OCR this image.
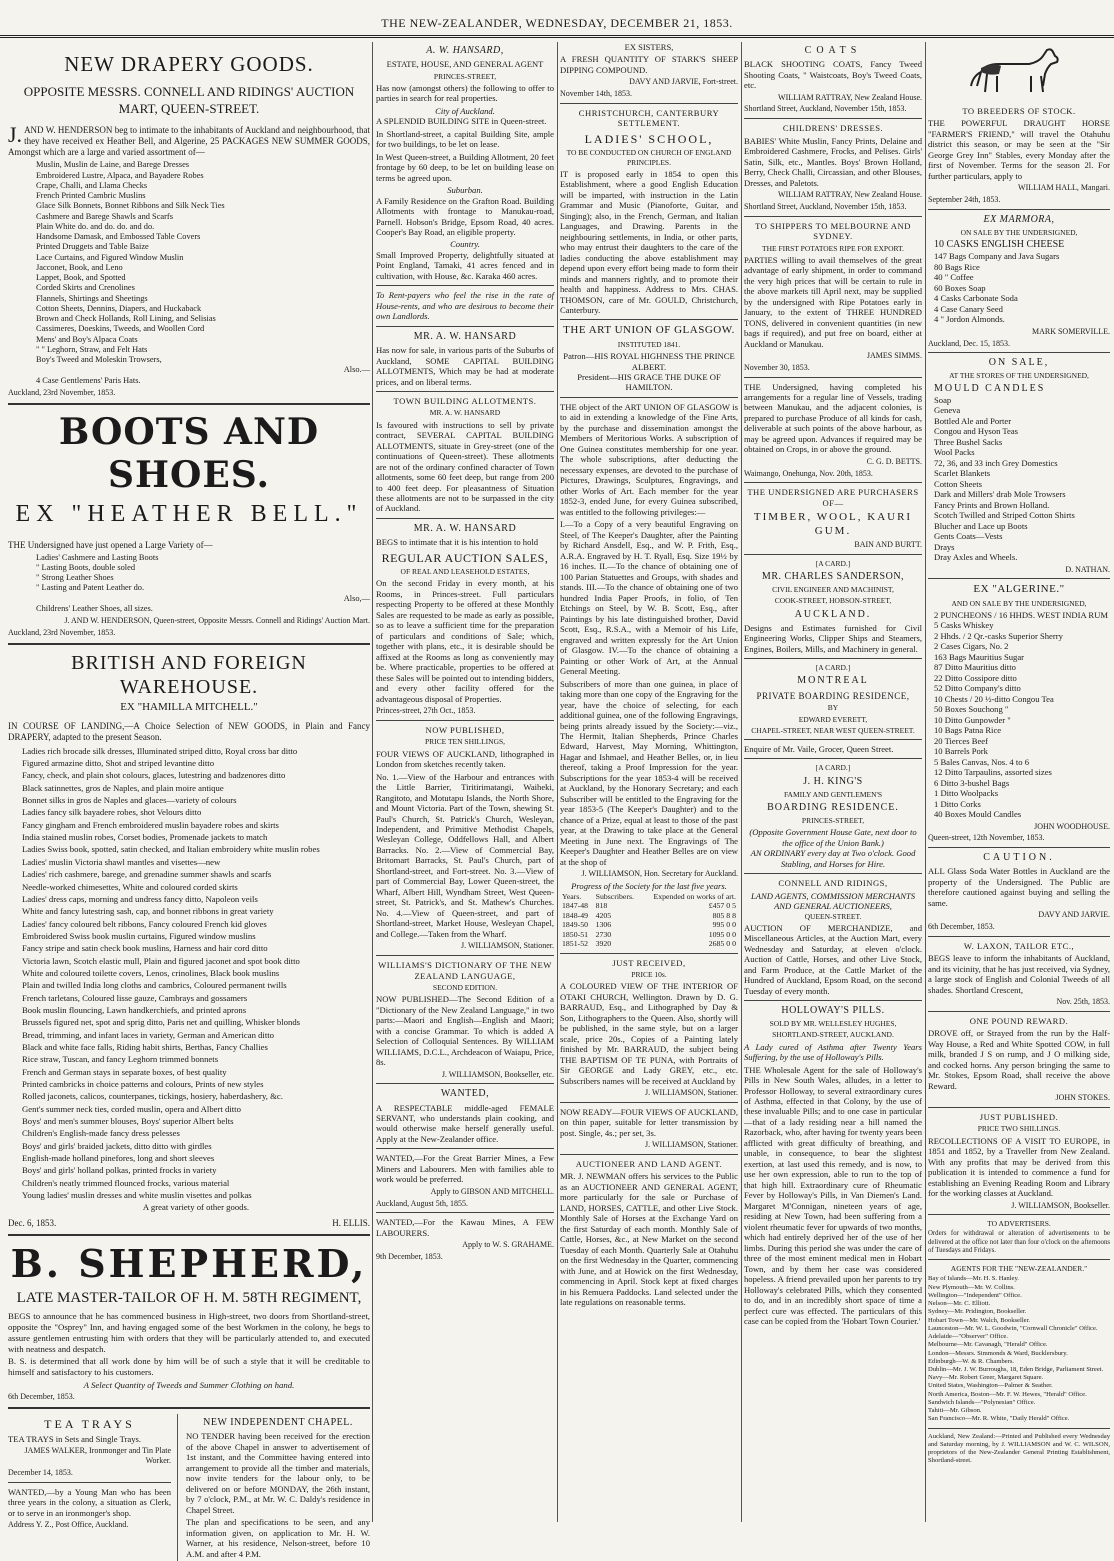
THE NEW-ZEALANDER, WEDNESDAY, DECEMBER 21, 1853.
NEW DRAPERY GOODS.
OPPOSITE MESSRS. CONNELL AND RIDINGS' AUCTION MART, QUEEN-STREET.

J. AND W. HENDERSON beg to intimate to the inhabitants of Auckland and neighbourhood, that they have received ex Heather Bell, and Algerine, 25 PACKAGES NEW SUMMER GOODS, Amongst which are a large and varied assortment of—

Muslin, Muslin de Laine, and Barege Dresses
Embroidered Lustre, Alpaca, and Bayadere Robes
Crape, Challi, and Llama Checks
French Printed Cambric Muslins
Glace Silk Bonnets, Bonnet Ribbons and Silk Neck Ties
Cashmere and Barege Shawls and Scarfs
Plain White do. and do. do. and do.
Handsome Damask, and Embossed Table Covers
Printed Druggets and Table Baize
Lace Curtains, and Figured Window Muslin
Jacconet, Book, and Leno
Lappet, Book, and Spotted
Corded Skirts and Crenolines
Flannels, Shirtings and Sheetings
Cotton Sheets, Dennins, Diapers, and Huckaback
Brown and Check Hollands, Roll Lining, and Selisias
Cassimeres, Doeskins, Tweeds, and Woollen Cord
Mens' and Boy's Alpaca Coats
" " Leghorn, Straw, and Felt Hats
Boy's Tweed and Moleskin Trowsers,
Also.—
4 Case Gentlemens' Paris Hats.
Auckland, 23rd November, 1853.
BOOTS AND SHOES.
EX "HEATHER BELL."

THE Undersigned have just opened a Large Variety of—

Ladies' Cashmere and Lasting Boots
" Lasting Boots, double soled
" Strong Leather Shoes
" Lasting and Patent Leather do.
Also,—
Childrens' Leather Shoes, all sizes.
J. AND W. HENDERSON, Queen-street, Opposite Messrs. Connell and Ridings' Auction Mart.
Auckland, 23rd November, 1853.
BRITISH AND FOREIGN WAREHOUSE.
EX "HAMILLA MITCHELL."

IN COURSE OF LANDING,—A Choice Selection of NEW GOODS, in Plain and Fancy DRAPERY, adapted to the present Season.

Ladies rich brocade silk dresses, Illuminated striped ditto, Royal cross bar ditto
Figured armazine ditto, Shot and striped levantine ditto
Fancy, check, and plain shot colours, glaces, lutestring and badzenores ditto
Black satinnettes, gros de Naples, and plain moire antique
Bonnet silks in gros de Naples and glaces—variety of colours
Ladies fancy silk bayadere robes, shot Velours ditto
Fancy gingham and French embroidered muslin bayadere robes and skirts
India stained muslin robes, Corset bodies, Promenade jackets to match
Ladies Swiss book, spotted, satin checked, and Italian embroidery white muslin robes
Ladies' muslin Victoria shawl mantles and visettes—new
Ladies' rich cashmere, barege, and grenadine summer shawls and scarfs
Needle-worked chimesettes, White and coloured corded skirts
Ladies' dress caps, morning and undress fancy ditto, Napoleon veils
White and fancy lutestring sash, cap, and bonnet ribbons in great variety
Ladies' fancy coloured belt ribbons, Fancy coloured French kid gloves
Embroidered Swiss book muslin curtains, Figured window muslins
Fancy stripe and satin check book muslins, Harness and hair cord ditto
Victoria lawn, Scotch elastic mull, Plain and figured jaconet and spot book ditto
White and coloured toilette covers, Lenos, crinolines, Black book muslins
Plain and twilled India long cloths and cambrics, Coloured permanent twills
French tarletans, Coloured lisse gauze, Cambrays and gossamers
Book muslin flouncing, Lawn handkerchiefs, and printed aprons
Brussels figured net, spot and sprig ditto, Paris net and quilling, Whisker blonds
Bread, trimming, and infant laces in variety, German and American ditto
Black and white face falls, Riding habit shirts, Berthas, Fancy Challies
Rice straw, Tuscan, and fancy Leghorn trimmed bonnets
French and German stays in separate boxes, of best quality
Printed cambricks in choice patterns and colours, Prints of new styles
Rolled jaconets, calicos, counterpanes, tickings, hosiery, haberdashery, &c.
Gent's summer neck ties, corded muslin, opera and Albert ditto
Boys' and men's summer blouses, Boys' superior Albert belts
Children's English-made fancy dress pelesses
Boys' and girls' braided jackets, ditto ditto with girdles
English-made holland pinefores, long and short sleeves
Boys' and girls' holland polkas, printed frocks in variety
Children's neatly trimmed flounced frocks, various material
Young ladies' muslin dresses and white muslin visettes and polkas
A great variety of other goods.
Dec. 6, 1853.	H. ELLIS.
B. SHEPHERD,
LATE MASTER-TAILOR OF H. M. 58TH REGIMENT,

BEGS to announce that he has commenced business in High-street, two doors from Shortland-street, opposite the "Osprey" Inn, and having engaged some of the best Workmen in the colony, he begs to assure gentlemen entrusting him with orders that they will be particularly attended to, and executed with neatness and despatch.

B. S. is determined that all work done by him will be of such a style that it will be creditable to himself and satisfactory to his customers.

A Select Quantity of Tweeds and Summer Clothing on hand.

6th December, 1853.
TEA TRAYS

TEA TRAYS in Sets and Single Trays.

JAMES WALKER, Ironmonger and Tin Plate Worker.
December 14, 1853.

WANTED,—by a Young Man who has been three years in the colony, a situation as Clerk, or to serve in an ironmonger's shop.

Address Y. Z., Post Office, Auckland.
NEW INDEPENDENT CHAPEL.

NO TENDER having been received for the erection of the above Chapel in answer to advertisement of 1st instant, and the Committee having entered into arrangement to provide all the timber and materials, now invite tenders for the labour only, to be delivered on or before MONDAY, the 26th instant, by 7 o'clock, P.M., at Mr. W. C. Daldy's residence in Chapel Street.

The plan and specifications to be seen, and any information given, on application to Mr. H. W. Warner, at his residence, Nelson-street, before 10 A.M. and after 4 P.M.

A. W. HANSARD,
ESTATE, HOUSE, AND GENERAL AGENT
PRINCES-STREET,

Has now (amongst others) the following to offer to parties in search for real properties.

City of Auckland.

A SPLENDID BUILDING SITE in Queen-street.

In Shortland-street, a capital Building Site, ample for two buildings, to be let on lease.

In West Queen-street, a Building Allotment, 20 feet frontage by 60 deep, to be let on building lease on terms be agreed upon.

Suburban.

A Family Residence on the Grafton Road. Building Allotments with frontage to Manukau-road, Parnell. Hobson's Bridge, Epsom Road, 40 acres. Cooper's Bay Road, an eligible property.

Country.

Small Improved Property, delightfully situated at Point England, Tamaki, 41 acres fenced and in cultivation, with House, &c. Karaka 460 acres.

To Rent-payers who feel the rise in the rate of House-rents, and who are desirous to become their own Landlords.

MR. A. W. HANSARD

Has now for sale, in various parts of the Suburbs of Auckland, SOME CAPITAL BUILDING ALLOTMENTS, Which may be had at moderate prices, and on liberal terms.

TOWN BUILDING ALLOTMENTS.
MR. A. W. HANSARD

Is favoured with instructions to sell by private contract, SEVERAL CAPITAL BUILDING ALLOTMENTS, situate in Grey-street (one of the continuations of Queen-street). These allotments are not of the ordinary confined character of Town allotments, some 60 feet deep, but range from 200 to 400 feet deep. For pleasantness of Situation these allotments are not to be surpassed in the city of Auckland.

MR. A. W. HANSARD

BEGS to intimate that it is his intention to hold

REGULAR AUCTION SALES,
OF REAL AND LEASEHOLD ESTATES,

On the second Friday in every month, at his Rooms, in Princes-street. Full particulars respecting Property to be offered at these Monthly Sales are requested to be made as early as possible, so as to leave a sufficient time for the preparation of particulars and conditions of Sale; which, together with plans, etc., it is desirable should be affixed at the Rooms as long as conveniently may be. Where practicable, properties to be offered at these Sales will be pointed out to intending bidders, and every other facility offered for the advantageous disposal of Properties.

Princes-street, 27th Oct., 1853.
NOW PUBLISHED,
PRICE TEN SHILLINGS,

FOUR VIEWS OF AUCKLAND, lithographed in London from sketches recently taken.

No. 1.—View of the Harbour and entrances with the Little Barrier, Tiritirimatangi, Waiheki, Rangitoto, and Motutapu Islands, the North Shore, and Mount Victoria. Part of the Town, shewing St. Paul's Church, St. Patrick's Church, Wesleyan, Independent, and Primitive Methodist Chapels, Wesleyan College, Oddfellows Hall, and Albert Barracks. No. 2.—View of Commercial Bay, Britomart Barracks, St. Paul's Church, part of Shortland-street, and Fort-street. No. 3.—View of part of Commercial Bay, Lower Queen-street, the Wharf, Albert Hill, Wyndham Street, West Queen-street, St. Patrick's, and St. Mathew's Churches. No. 4.—View of Queen-street, and part of Shortland-street, Market House, Wesleyan Chapel, and College.—Taken from the Wharf.

J. WILLIAMSON, Stationer.
WILLIAMS'S DICTIONARY OF THE NEW ZEALAND LANGUAGE,
SECOND EDITION.

NOW PUBLISHED—The Second Edition of a "Dictionary of the New Zealand Language," in two parts:—Maori and English—English and Maori; with a concise Grammar. To which is added A Selection of Colloquial Sentences. By WILLIAM WILLIAMS, D.C.L., Archdeacon of Waiapu, Price, 8s.

J. WILLIAMSON, Bookseller, etc.
WANTED,

A RESPECTABLE middle-aged FEMALE SERVANT, who understands plain cooking, and would otherwise make herself generally useful. Apply at the New-Zealander office.

WANTED,—For the Great Barrier Mines, a Few Miners and Labourers. Men with families able to work would be preferred.

Apply to GIBSON AND MITCHELL.
Auckland, August 5th, 1855.

WANTED,—For the Kawau Mines, A FEW LABOURERS.

Apply to W. S. GRAHAME.
9th December, 1853.
EX SISTERS,

A FRESH QUANTITY OF STARK'S SHEEP DIPPING COMPOUND.

DAVY AND JARVIE, Fort-street.
November 14th, 1853.
CHRISTCHURCH, CANTERBURY SETTLEMENT.
LADIES' SCHOOL,
TO BE CONDUCTED ON CHURCH OF ENGLAND PRINCIPLES.

IT is proposed early in 1854 to open this Establishment, where a good English Education will be imparted, with instruction in the Latin Grammar and Music (Pianoforte, Guitar, and Singing); also, in the French, German, and Italian Languages, and Drawing. Parents in the neighbouring settlements, in India, or other parts, who may entrust their daughters to the care of the ladies conducting the above establishment may depend upon every effort being made to form their minds and manners rightly, and to promote their health and happiness. Address to Mrs. CHAS. THOMSON, care of Mr. GOULD, Christchurch, Canterbury.

THE ART UNION OF GLASGOW.
INSTITUTED 1841.
Patron—HIS ROYAL HIGHNESS THE PRINCE ALBERT.
President—HIS GRACE THE DUKE OF HAMILTON.

THE object of the ART UNION OF GLASGOW is to aid in extending a knowledge of the Fine Arts, by the purchase and dissemination amongst the Members of Meritorious Works. A subscription of One Guinea constitutes membership for one year. The whole subscriptions, after deducting the necessary expenses, are devoted to the purchase of Pictures, Drawings, Sculptures, Engravings, and other Works of Art. Each member for the year 1852-3, ended June, for every Guinea subscribed, was entitled to the following privileges:—

I.—To a Copy of a very beautiful Engraving on Steel, of The Keeper's Daughter, after the Painting by Richard Ansdell, Esq., and W. P. Frith, Esq., A.R.A. Engraved by H. T. Ryall, Esq. Size 19½ by 16 inches. II.—To the chance of obtaining one of 100 Parian Statuettes and Groups, with shades and stands. III.—To the chance of obtaining one of two hundred India Paper Proofs, in folio, of Ten Etchings on Steel, by W. B. Scott, Esq., after Paintings by his late distinguished brother, David Scott, Esq., R.S.A., with a Memoir of his Life, engraved and written expressly for the Art Union of Glasgow. IV.—To the chance of obtaining a Painting or other Work of Art, at the Annual General Meeting.

Subscribers of more than one guinea, in place of taking more than one copy of the Engraving for the year, have the choice of selecting, for each additional guinea, one of the following Engravings, being prints already issued by the Society:—viz., The Hermit, Italian Shepherds, Prince Charles Edward, Harvest, May Morning, Whittington, Hagar and Ishmael, and Heather Belles, or, in lieu thereof, taking a Proof Impression for the year. Subscriptions for the year 1853-4 will be received at Auckland, by the Honorary Secretary; and each Subscriber will be entitled to the Engraving for the year 1853-5 (The Keeper's Daughter) and to the chance of a Prize, equal at least to those of the past year, at the Drawing to take place at the General Meeting in June next. The Engravings of The Keeper's Daughter and Heather Belles are on view at the shop of

J. WILLIAMSON, Hon. Secretary for Auckland.
Progress of the Society for the last five years.
Years.	Subscribers.	Expended on works of art.
1847-48	818	£457 0 5
1848-49	4205	805 8 8
1849-50	1306	995 0 0
1850-51	2730	1095 0 0
1851-52	3920	2685 0 0
JUST RECEIVED,
PRICE 10s.

A COLOURED VIEW OF THE INTERIOR OF OTAKI CHURCH, Wellington. Drawn by D. G. BARRAUD, Esq., and Lithographed by Day & Son, Lithographers to the Queen. Also, shortly will be published, in the same style, but on a larger scale, price 20s., Copies of a Painting lately finished by Mr. BARRAUD, the subject being THE BAPTISM OF TE PUNA, with Portraits of Sir GEORGE and Lady GREY, etc., etc. Subscribers names will be received at Auckland by

J. WILLIAMSON, Stationer.

NOW READY—FOUR VIEWS OF AUCKLAND, on thin paper, suitable for letter transmission by post. Single, 4s.; per set, 3s.

J. WILLIAMSON, Stationer.
AUCTIONEER AND LAND AGENT.

MR. J. NEWMAN offers his services to the Public as an AUCTIONEER AND GENERAL AGENT, more particularly for the sale or Purchase of LAND, HORSES, CATTLE, and other Live Stock. Monthly Sale of Horses at the Exchange Yard on the first Saturday of each month. Monthly Sale of Cattle, Horses, &c., at New Market on the second Tuesday of each Month. Quarterly Sale at Otahuhu on the first Wednesday in the Quarter, commencing with June, and at Howick on the first Wednesday, commencing in April. Stock kept at fixed charges in his Remuera Paddocks. Land selected under the late regulations on reasonable terms.

COATS

BLACK SHOOTING COATS, Fancy Tweed Shooting Coats, " Waistcoats, Boy's Tweed Coats, etc.

WILLIAM RATTRAY, New Zealand House.
Shortland Street, Auckland, November 15th, 1853.
CHILDRENS' DRESSES.

BABIES' White Muslin, Fancy Prints, Delaine and Embroidered Cashmere, Frocks, and Pelises. Girls' Satin, Silk, etc., Mantles. Boys' Brown Holland, Berry, Check Challi, Circassian, and other Blouses, Dresses, and Paletots.

WILLIAM RATTRAY, New Zealand House.
Shortland Street, Auckland, November 15th, 1853.
TO SHIPPERS TO MELBOURNE AND SYDNEY.
THE FIRST POTATOES RIPE FOR EXPORT.

PARTIES willing to avail themselves of the great advantage of early shipment, in order to command the very high prices that will be certain to rule in the above markets till April next, may be supplied by the undersigned with Ripe Potatoes early in January, to the extent of THREE HUNDRED TONS, delivered in convenient quantities (in new bags if required), and put free on board, either at Auckland or Manukau.

JAMES SIMMS.
November 30, 1853.

THE Undersigned, having completed his arrangements for a regular line of Vessels, trading between Manukau, and the adjacent colonies, is prepared to purchase Produce of all kinds for cash, deliverable at such points of the above harbour, as may be agreed upon. Advances if required may be obtained on Crops, in or above the ground.

C. G. D. BETTS.
Waimango, Onehunga, Nov. 20th, 1853.
THE UNDERSIGNED ARE PURCHASERS OF—
TIMBER, WOOL, KAURI GUM.
BAIN AND BURTT.
[A CARD.]
MR. CHARLES SANDERSON,
CIVIL ENGINEER AND MACHINIST,
COOK-STREET, HOBSON-STREET,
AUCKLAND.

Designs and Estimates furnished for Civil Engineering Works, Clipper Ships and Steamers, Engines, Boilers, Mills, and Machinery in general.

[A CARD.]
MONTREAL
PRIVATE BOARDING RESIDENCE,
BY
EDWARD EVERETT,
CHAPEL-STREET, NEAR WEST QUEEN-STREET.

Enquire of Mr. Vaile, Grocer, Queen Street.

[A CARD.]
J. H. KING'S
FAMILY AND GENTLEMEN'S
BOARDING RESIDENCE.
PRINCES-STREET,
(Opposite Government House Gate, next door to the office of the Union Bank.)
AN ORDINARY every day at Two o'clock. Good Stabling, and Horses for Hire.
CONNELL AND RIDINGS,
LAND AGENTS, COMMISSION MERCHANTS AND GENERAL AUCTIONEERS,
QUEEN-STREET.

AUCTION OF MERCHANDIZE, and Miscellaneous Articles, at the Auction Mart, every Wednesday and Saturday, at eleven o'clock. Auction of Cattle, Horses, and other Live Stock, and Farm Produce, at the Cattle Market of the Hundred of Auckland, Epsom Road, on the second Tuesday of every month.

HOLLOWAY'S PILLS.
SOLD BY MR. WELLESLEY HUGHES,
SHORTLAND-STREET, AUCKLAND.

A Lady cured of Asthma after Twenty Years Suffering, by the use of Holloway's Pills.

THE Wholesale Agent for the sale of Holloway's Pills in New South Wales, alludes, in a letter to Professor Holloway, to several extraordinary cures of Asthma, effected in that Colony, by the use of these invaluable Pills; and to one case in particular—that of a lady residing near a hill named the Razorback, who, after having for twenty years been afflicted with great difficulty of breathing, and unable, in consequence, to bear the slightest exertion, at last used this remedy, and is now, to use her own expression, able to run to the top of that high hill. Extraordinary cure of Rheumatic Fever by Holloway's Pills, in Van Diemen's Land. Margaret M'Connigan, nineteen years of age, residing at New Town, had been suffering from a violent rheumatic fever for upwards of two months, which had entirely deprived her of the use of her limbs. During this period she was under the care of three of the most eminent medical men in Hobart Town, and by them her case was considered hopeless. A friend prevailed upon her parents to try Holloway's celebrated Pills, which they consented to do, and in an incredibly short space of time a perfect cure was effected. The particulars of this case can be copied from the 'Hobart Town Courier.'

TO BREEDERS OF STOCK.

THE POWERFUL DRAUGHT HORSE "FARMER'S FRIEND," will travel the Otahuhu district this season, or may be seen at the "Sir George Grey Inn" Stables, every Monday after the first of November. Terms for the season 2l. For further particulars, apply to

WILLIAM HALL, Mangari.
September 24th, 1853.
EX MARMORA,
ON SALE BY THE UNDERSIGNED,
10 CASKS ENGLISH CHEESE
147 Bags Company and Java Sugars
80 Bags Rice
40 " Coffee
60 Boxes Soap
4 Casks Carbonate Soda
4 Case Canary Seed
4 " Jordon Almonds.
MARK SOMERVILLE.
Auckland, Dec. 15, 1853.
ON SALE,
AT THE STORES OF THE UNDERSIGNED,
MOULD CANDLES
Soap
Geneva
Bottled Ale and Porter
Congou and Hyson Teas
Three Bushel Sacks
Wool Packs
72, 36, and 33 inch Grey Domestics
Scarlet Blankets
Cotton Sheets
Dark and Millers' drab Mole Trowsers
Fancy Prints and Brown Holland.
Scotch Twilled and Striped Cotton Shirts
Blucher and Lace up Boots
Gents Coats—Vests
Drays
Dray Axles and Wheels.
D. NATHAN.
EX "ALGERINE."
AND ON SALE BY THE UNDERSIGNED,
2 PUNCHEONS / 16 HHDS. WEST INDIA RUM
5 Casks Whiskey
2 Hhds. / 2 Qr.-casks Superior Sherry
2 Cases Cigars, No. 2
163 Bags Mauritius Sugar
87 Ditto Mauritius ditto
22 Ditto Cossipore ditto
52 Ditto Company's ditto
10 Chests / 20 ½-ditto Congou Tea
50 Boxes Souchong "
10 Ditto Gunpowder "
10 Bags Patna Rice
20 Tierces Beef
10 Barrels Pork
5 Bales Canvas, Nos. 4 to 6
12 Ditto Tarpaulins, assorted sizes
6 Ditto 3-bushel Bags
1 Ditto Woolpacks
1 Ditto Corks
40 Boxes Mould Candles
JOHN WOODHOUSE.
Queen-street, 12th November, 1853.
CAUTION.

ALL Glass Soda Water Bottles in Auckland are the property of the Undersigned. The Public are therefore cautioned against buying and selling the same.

DAVY AND JARVIE.
6th December, 1853.
W. LAXON, TAILOR ETC.,

BEGS leave to inform the inhabitants of Auckland, and its vicinity, that he has just received, via Sydney, a large stock of English and Colonial Tweeds of all shades. Shortland Crescent,

Nov. 25th, 1853.
ONE POUND REWARD.

DROVE off, or Strayed from the run by the Half-Way House, a Red and White Spotted COW, in full milk, branded J S on rump, and J O milking side, and cocked horns. Any person bringing the same to Mr. Stokes, Epsom Road, shall receive the above Reward.

JOHN STOKES.
JUST PUBLISHED.
PRICE TWO SHILLINGS.

RECOLLECTIONS OF A VISIT TO EUROPE, in 1851 and 1852, by a Traveller from New Zealand. With any profits that may be derived from this publication it is intended to commence a fund for establishing an Evening Reading Room and Library for the working classes at Auckland.

J. WILLIAMSON, Bookseller.
TO ADVERTISERS.

Orders for withdrawal or alteration of advertisements to be delivered at the office not later than four o'clock on the afternoons of Tuesdays and Fridays.

AGENTS FOR THE "NEW-ZEALANDER."
Bay of Islands—Mr. H. S. Hanley.
New Plymouth—Mr. W. Collins.
Wellington—"Independent" Office.
Nelson—Mr. C. Elliott.
Sydney—Mr. Pridington, Bookseller.
Hobart Town—Mr. Walch, Bookseller.
Launceston—Mr. W. L. Goodwin, "Cornwall Chronicle" Office.
Adelaide—"Observer" Office.
Melbourne—Mr. Cavanagh, "Herald" Office.
London—Messrs. Simmonds & Ward, Bucklersbury.
Edinburgh—W. & R. Chambers.
Dublin—Mr. J. W. Burroughs, 18, Eden Bridge, Parliament Street.
Navy—Mr. Robert Greer, Margaret Square.
United States, Washington—Palmer & Seather.
North America, Boston—Mr. F. W. Hewes, "Herald" Office.
Sandwich Islands—"Polynesian" Office.
Tahiti—Mr. Gibson.
San Francisco—Mr. R. White, "Daily Herald" Office.

Auckland, New Zealand:—Printed and Published every Wednesday and Saturday morning, by J. WILLIAMSON and W. C. WILSON, proprietors of the New-Zealander General Printing Establishment, Shortland-street.
